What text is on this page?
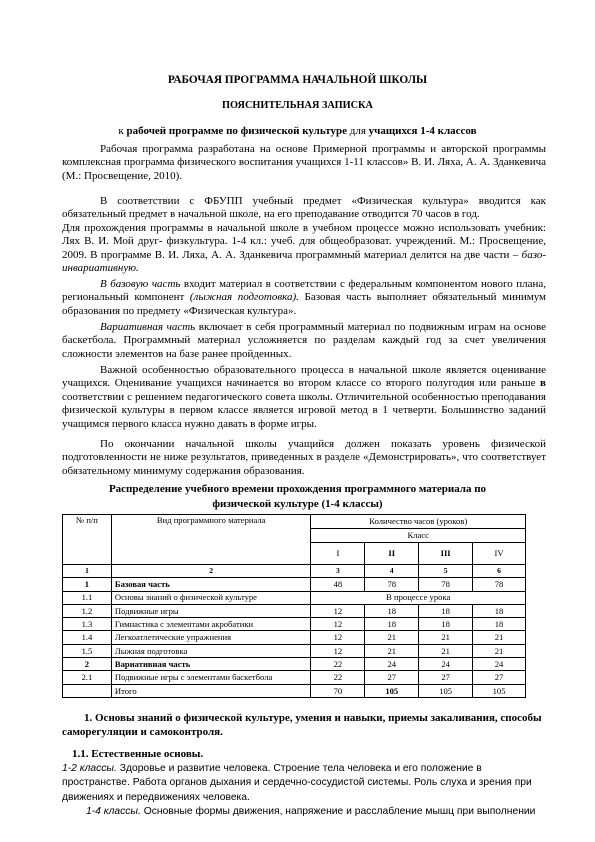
РАБОЧАЯ ПРОГРАММА НАЧАЛЬНОЙ ШКОЛЫ
ПОЯСНИТЕЛЬНАЯ ЗАПИСКА
к рабочей программе по физической культуре для учащихся 1-4 классов

Рабочая программа разработана на основе Примерной программы и авторской программы комплексная программа физического воспитания учащихся 1-11 классов» В. И. Ляха, А. А. Зданкевича (М.: Просвещение, 2010).

В соответствии с ФБУПП учебный предмет «Физическая культура» вводится как обязательный предмет в начальной школе, на его преподавание отводится 70 часов в год.

Для прохождения программы в начальной школе в учебном процессе можно использовать учебник: Лях В. И. Мой друг- физкультура. 1-4 кл.: учеб. для общеобразоват. учреждений. М.: Просвещение, 2009. В программе В. И. Ляха, А. А. Зданкевича программный материал делится на две части – базо-инвариативную.

В базовую часть входит материал в соответствии с федеральным компонентом нового плана, региональный компонент (лыжная подготовка). Базовая часть выполняет обязательный минимум образования по предмету «Физическая культура».

Вариативная часть включает в себя программный материал по подвижным играм на основе баскетбола. Программный материал усложняется по разделам каждый год за счет увеличения сложности элементов на базе ранее пройденных.

Важной особенностью образовательного процесса в начальной школе является оценивание учащихся. Оценивание учащихся начинается во втором классе со второго полугодия или раньше в соответствии с решением педагогического совета школы. Отличительной особенностью преподавания физической культуры в первом классе является игровой метод в 1 четверти. Большинство заданий учащимся первого класса нужно давать в форме игры.

По окончании начальной школы учащийся должен показать уровень физической подготовленности не ниже результатов, приведенных в разделе «Демонстрировать», что соответствует обязательному минимуму содержания образования.

Распределение учебного времени прохождения программного материала по
физической культуре (1-4 классы)
№ п/п	Вид программного материала	Количество часов (уроков)			
		Класс			
		I	II	III	IV
1	2	3	4	5	6
1	Базовая часть	48	78	78	78
1.1	Основы знаний о физической культуре	В процессе урока			
1.2	Подвижные игры	12	18	18	18
1.3	Гимнастика с элементами акробатики	12	18	18	18
1.4	Легкоатлетические упражнения	12	21	21	21
1.5	Лыжная подготовка	12	21	21	21
2	Вариативная часть	22	24	24	24
2.1	Подвижные игры с элементами баскетбола	22	27	27	27
	Итого	70	105	105	105

1. Основы знаний о физической культуре, умения и навыки, приемы закаливания, способы саморегуляции и самоконтроля.

1.1. Естественные основы.

1-2 классы. Здоровье и развитие человека. Строение тела человека и его положение в пространстве. Работа органов дыхания и сердечно-сосудистой системы. Роль слуха и зрения при движениях и передвижениях человека.

1-4 классы. Основные формы движения, напряжение и расслабление мышц при выполнении
